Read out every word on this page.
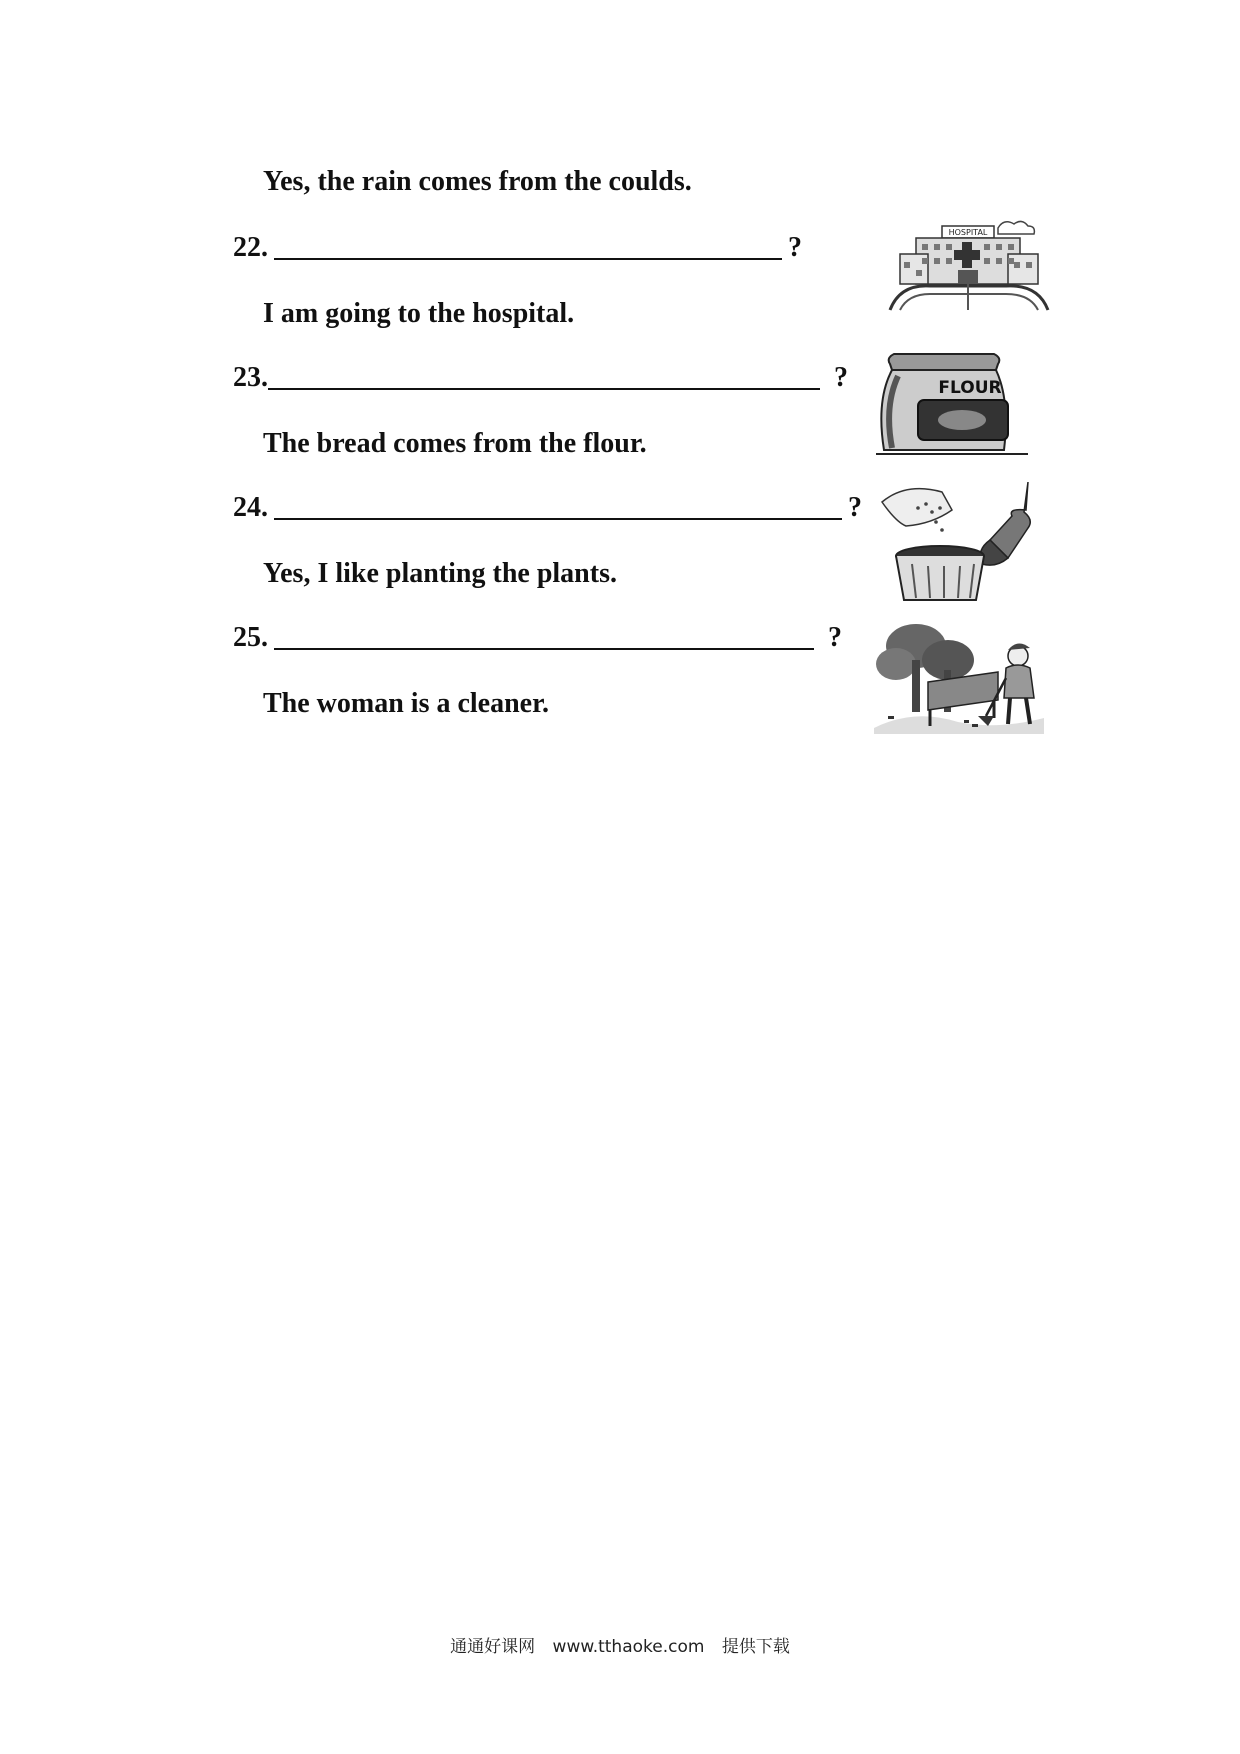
Yes, the rain comes from the coulds.
22.	?
I am going to the hospital.
23.	?
The bread comes from the flour.
24.	?
Yes, I like planting the plants.
25.	?
The woman is a cleaner.
HOSPITAL
FLOUR
通通好课网 www.tthaoke.com 提供下载
